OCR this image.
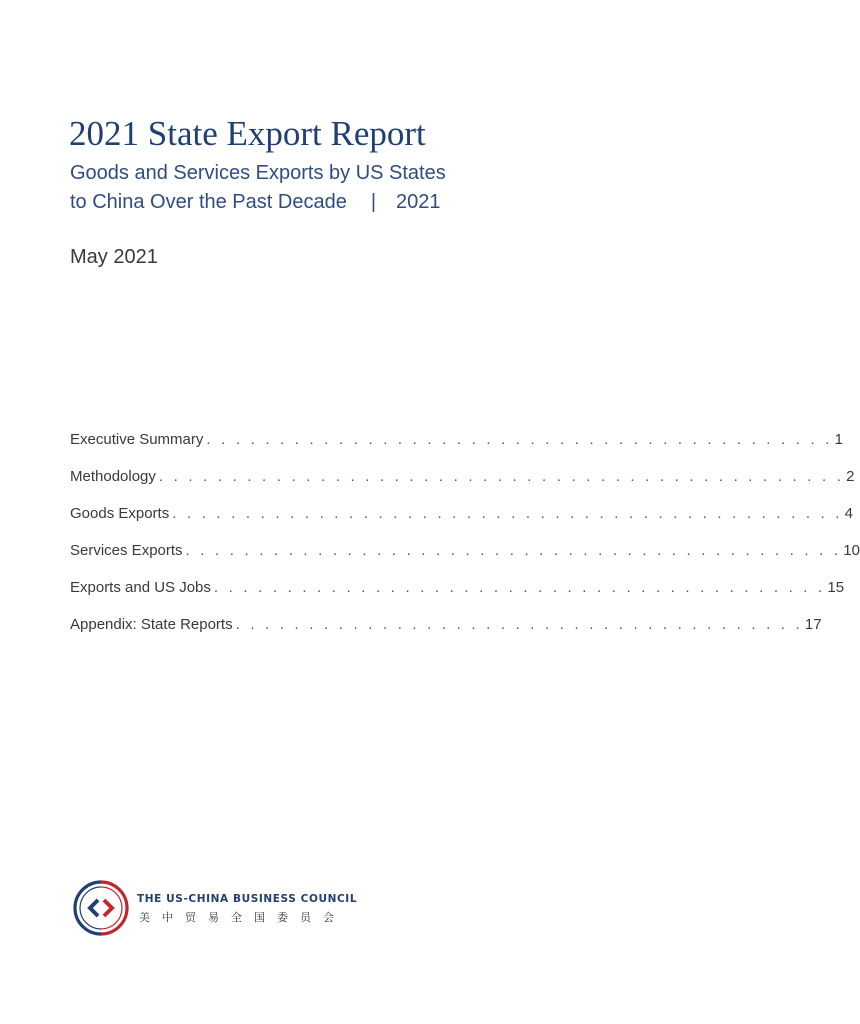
2021 State Export Report
Goods and Services Exports by US States
to China Over the Past Decade | 2021
May 2021
Executive Summary . . . . . . . . . . . . . . . . . . . . . . . . . . . . . . . . . . . . . . . . . . . 1
Methodology . . . . . . . . . . . . . . . . . . . . . . . . . . . . . . . . . . . . . . . . . . . . . . . 2
Goods Exports . . . . . . . . . . . . . . . . . . . . . . . . . . . . . . . . . . . . . . . . . . . . . . 4
Services Exports . . . . . . . . . . . . . . . . . . . . . . . . . . . . . . . . . . . . . . . . . . . . . 10
Exports and US Jobs . . . . . . . . . . . . . . . . . . . . . . . . . . . . . . . . . . . . . . . . . . 15
Appendix: State Reports . . . . . . . . . . . . . . . . . . . . . . . . . . . . . . . . . . . . . . . 17
THE US-CHINA BUSINESS COUNCIL
美中贸易全国委员会
